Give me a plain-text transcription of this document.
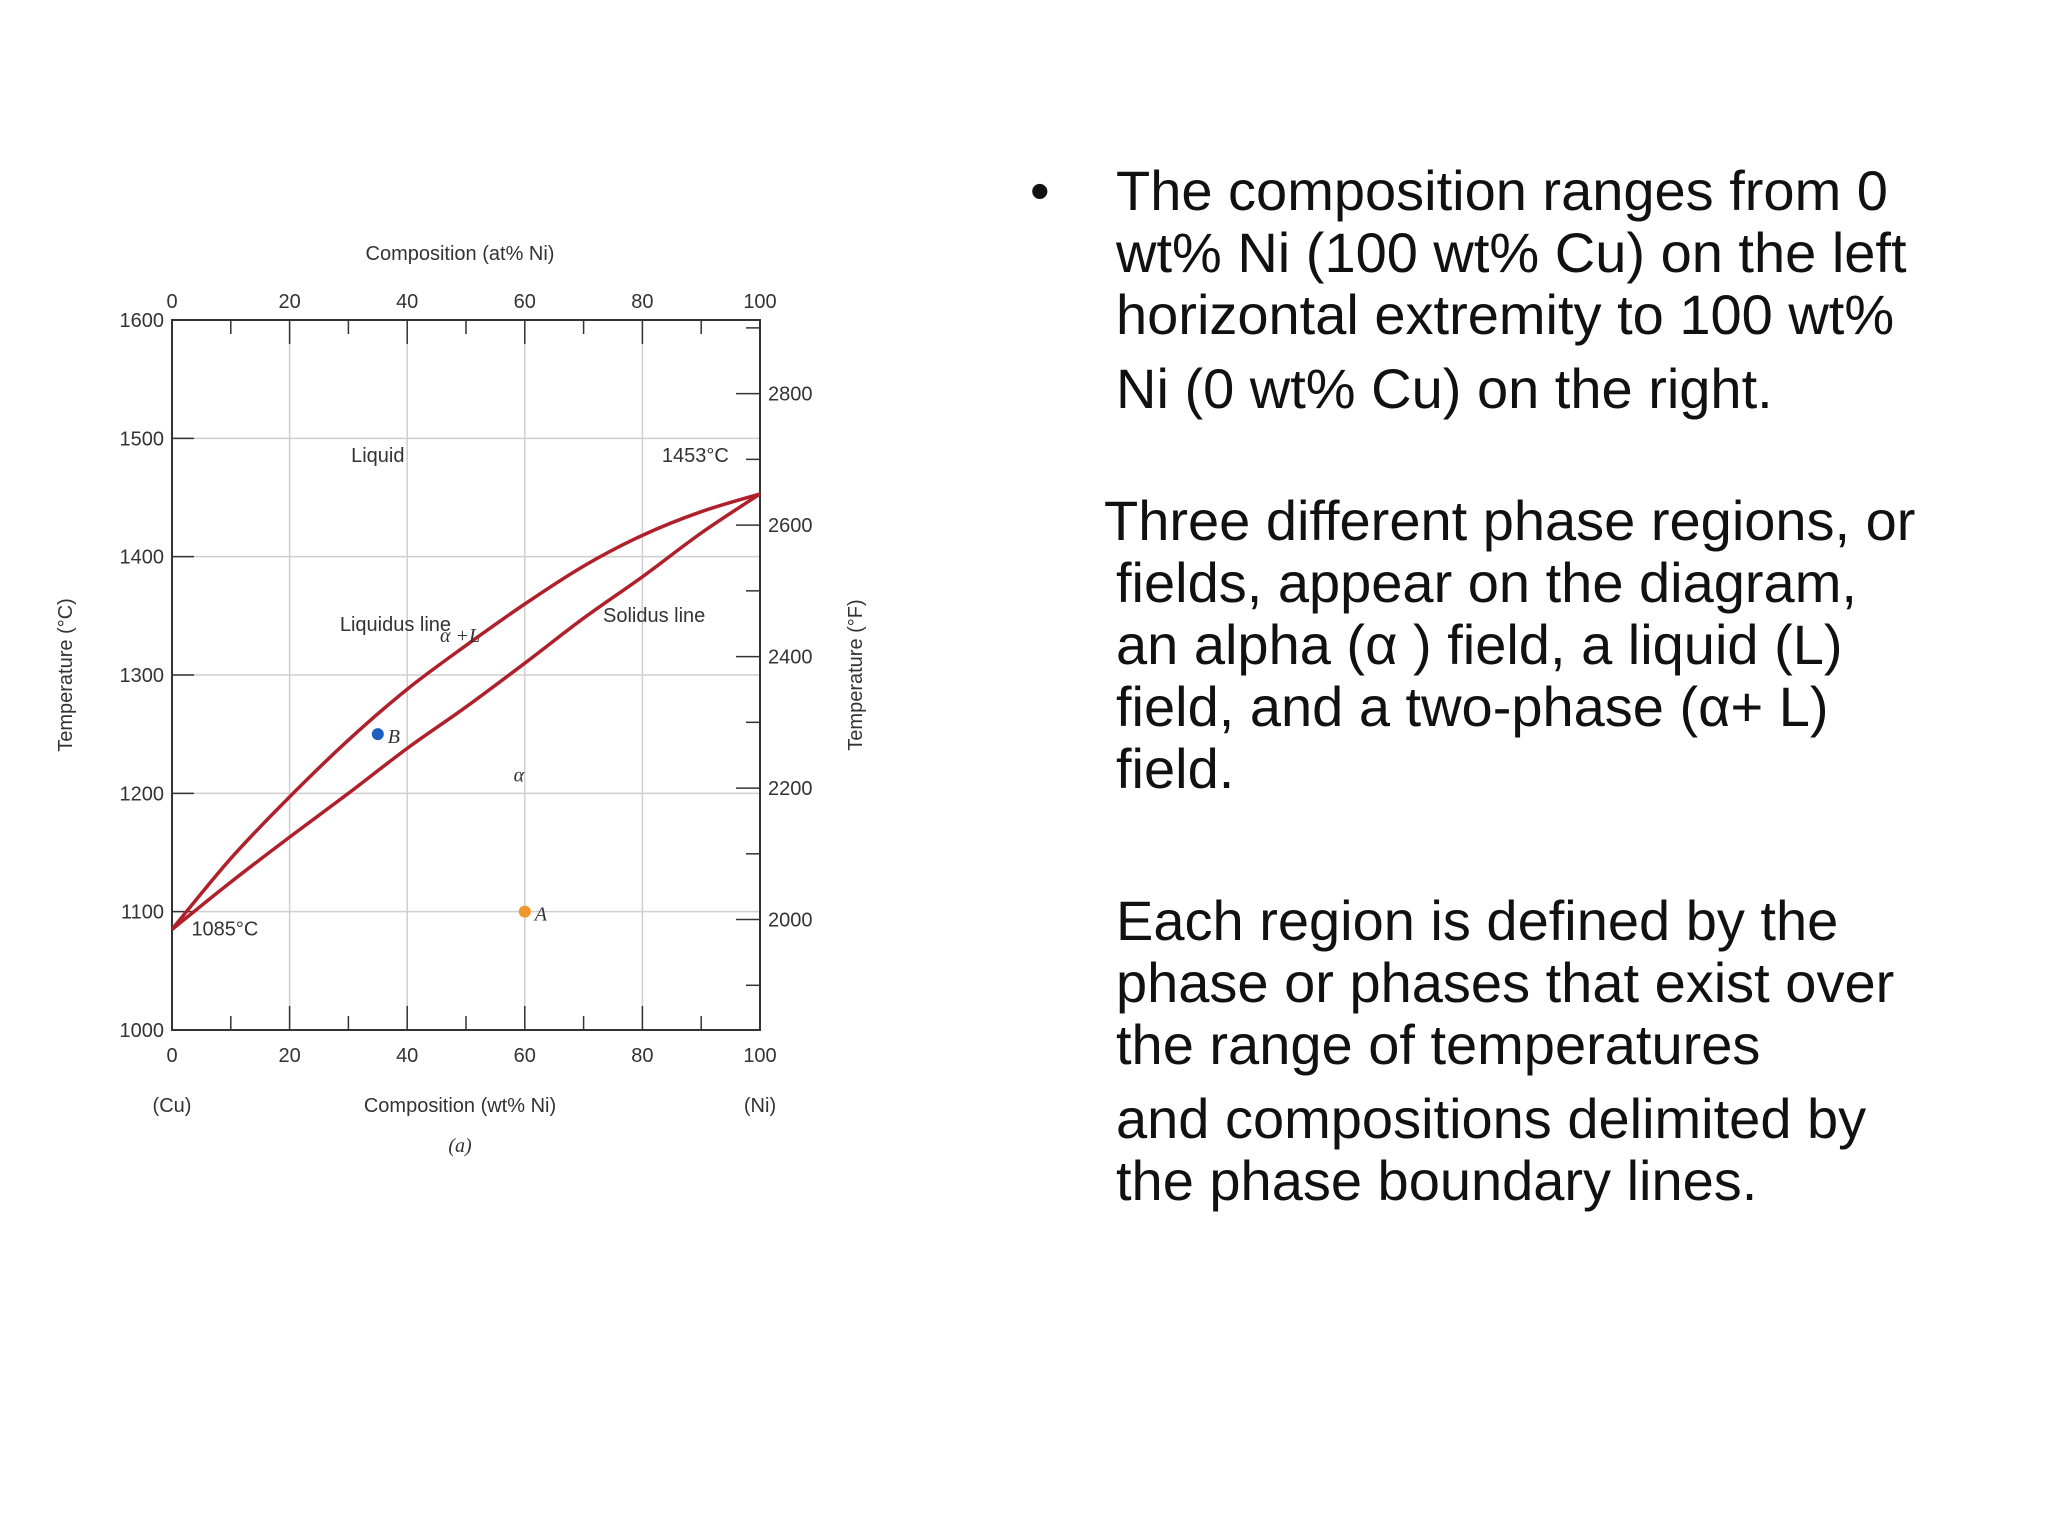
1000
1100
1200
1300
1400
1500
1600
2000
2200
2400
2600
2800
0	20	40	60	80	100
0	20	40	60	80	100
Composition (at% Ni)
Composition (wt% Ni)
(Cu)	(Ni)
(a)
Temperature (°C)	Temperature (°F)
B
A
Liquid	1453°C
Liquidus line	Solidus line
α +L
α
1085°C
• The composition ranges from 0
wt% Ni (100 wt% Cu) on the left
horizontal extremity to 100 wt%
Ni (0 wt% Cu) on the right.
Three different phase regions, or
fields, appear on the diagram,
an alpha (α ) field, a liquid (L)
field, and a two-phase (α+ L)
field.
Each region is defined by the
phase or phases that exist over
the range of temperatures
and compositions delimited by
the phase boundary lines.
